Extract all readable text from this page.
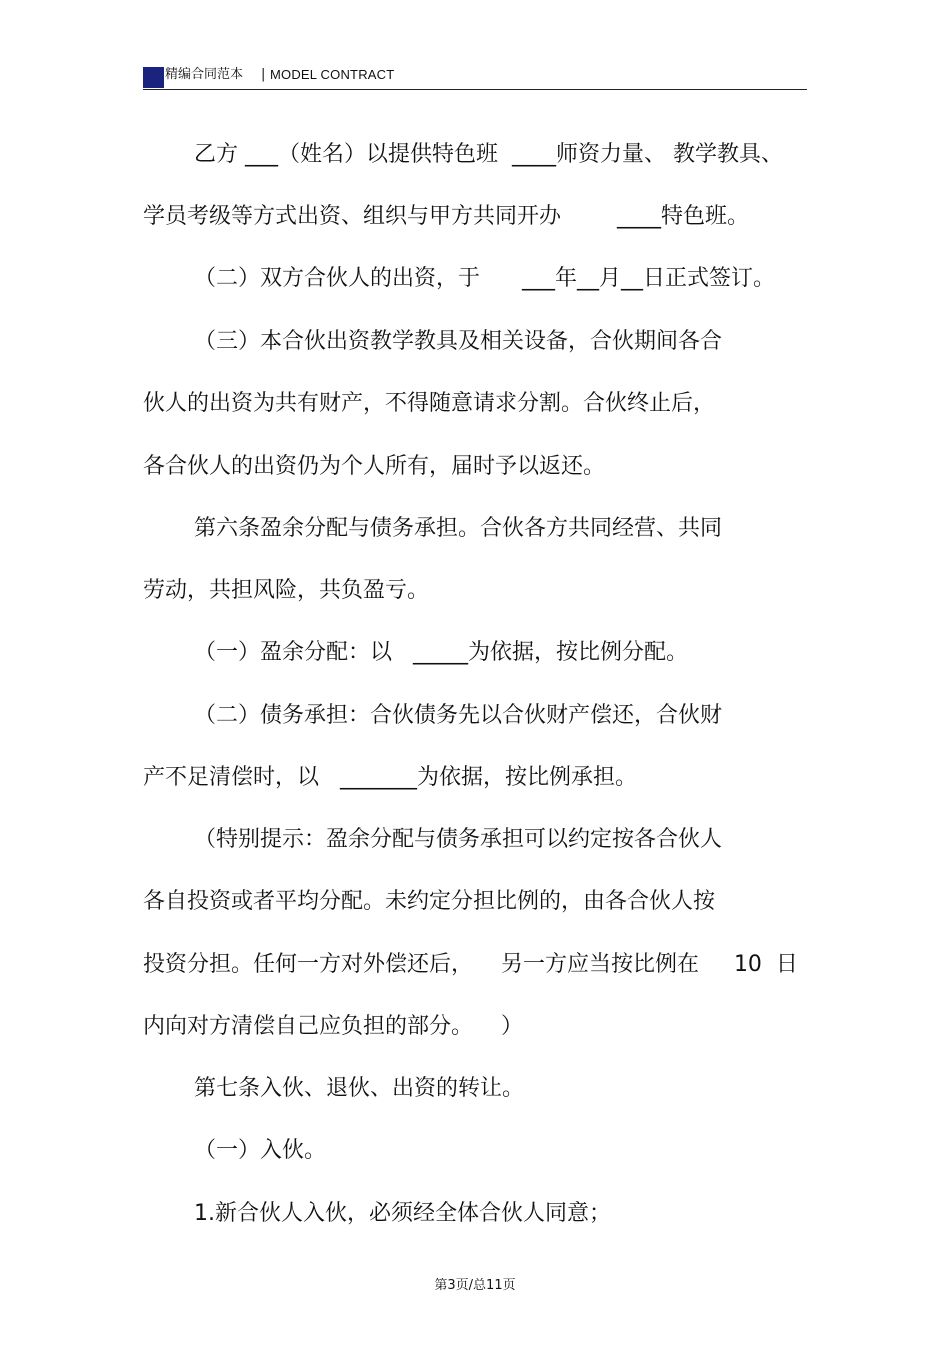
精编合同范本 | MODEL CONTRACT
乙方 ___（姓名）以提供特色班  ____师资力量、 教学教具、
学员考级等方式出资、组织与甲方共同开办        ____特色班。
（二）双方合伙人的出资，于      ___年__月__日正式签订。
（三）本合伙出资教学教具及相关设备，合伙期间各合
伙人的出资为共有财产，不得随意请求分割。合伙终止后，
各合伙人的出资仍为个人所有，届时予以返还。
第六条盈余分配与债务承担。合伙各方共同经营、共同
劳动，共担风险，共负盈亏。
（一）盈余分配：以   _____为依据，按比例分配。
（二）债务承担：合伙债务先以合伙财产偿还，合伙财
产不足清偿时，以   _______为依据，按比例承担。
（特别提示：盈余分配与债务承担可以约定按各合伙人
各自投资或者平均分配。未约定分担比例的，由各合伙人按
投资分担。任何一方对外偿还后，    另一方应当按比例在     10  日
内向对方清偿自己应负担的部分。    ）
第七条入伙、退伙、出资的转让。
（一）入伙。
1.新合伙人入伙，必须经全体合伙人同意；
第3页/总11页
